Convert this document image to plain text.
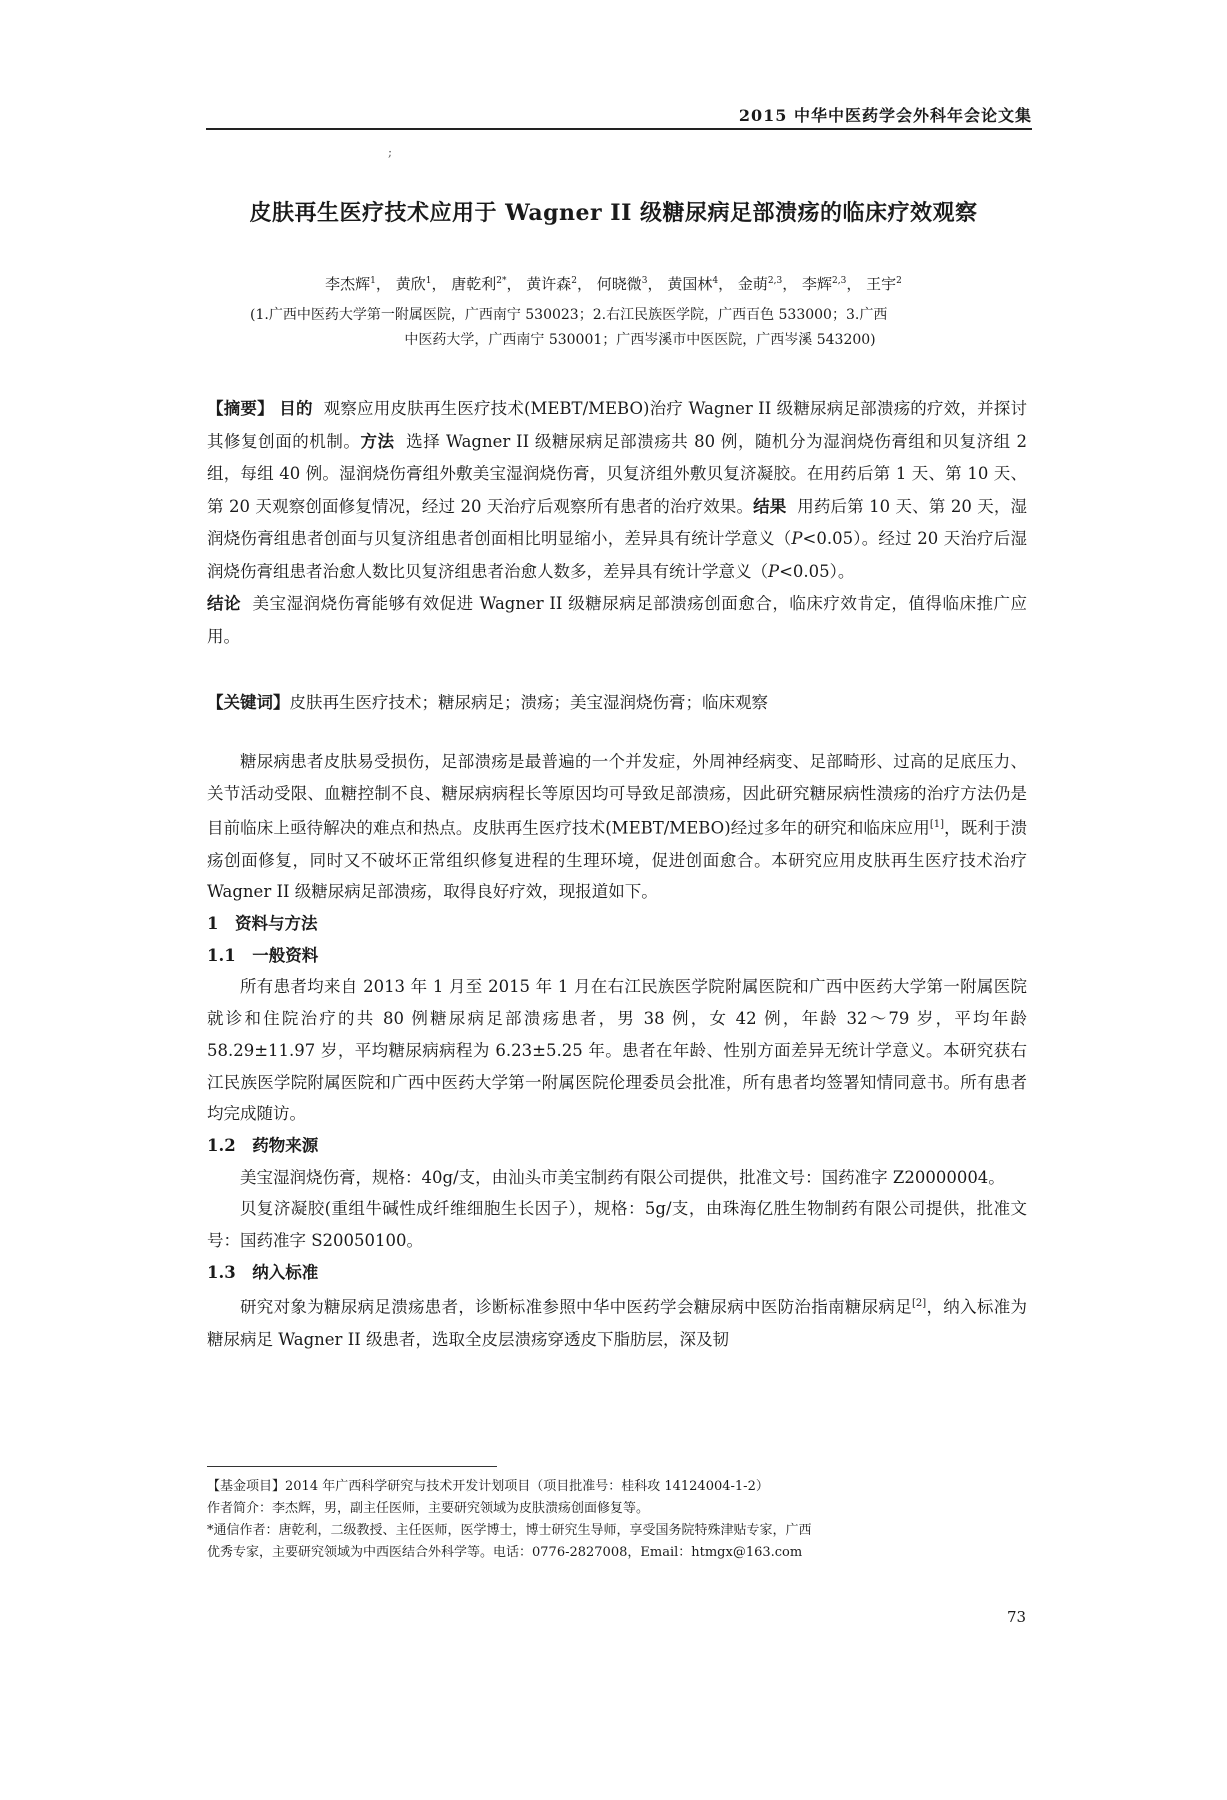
2015 中华中医药学会外科年会论文集
;
皮肤再生医疗技术应用于 Wagner II 级糖尿病足部溃疡的临床疗效观察
李杰辉$^1$， 黄欣$^1$， 唐乾利$^{2*}$， 黄许森$^2$， 何晓微$^3$， 黄国林$^4$， 金萌$^{2,3}$， 李辉$^{2,3}$， 王宇$^2$
(1.广西中医药大学第一附属医院，广西南宁 530023；2.右江民族医学院，广西百色 533000；3.广西
中医药大学，广西南宁 530001；广西岑溪市中医医院，广西岑溪 543200)
【摘要】 目的 观察应用皮肤再生医疗技术(MEBT/MEBO)治疗 Wagner II 级糖尿病足部溃疡的疗效，并探讨其修复创面的机制。方法 选择 Wagner II 级糖尿病足部溃疡共 80 例，随机分为湿润烧伤膏组和贝复济组 2 组，每组 40 例。湿润烧伤膏组外敷美宝湿润烧伤膏，贝复济组外敷贝复济凝胶。在用药后第 1 天、第 10 天、第 20 天观察创面修复情况，经过 20 天治疗后观察所有患者的治疗效果。结果 用药后第 10 天、第 20 天，湿润烧伤膏组患者创面与贝复济组患者创面相比明显缩小，差异具有统计学意义（P<0.05）。经过 20 天治疗后湿润烧伤膏组患者治愈人数比贝复济组患者治愈人数多，差异具有统计学意义（P<0.05）。
结论 美宝湿润烧伤膏能够有效促进 Wagner II 级糖尿病足部溃疡创面愈合，临床疗效肯定，值得临床推广应用。
【关键词】皮肤再生医疗技术；糖尿病足；溃疡；美宝湿润烧伤膏；临床观察

糖尿病患者皮肤易受损伤，足部溃疡是最普遍的一个并发症，外周神经病变、足部畸形、过高的足底压力、关节活动受限、血糖控制不良、糖尿病病程长等原因均可导致足部溃疡，因此研究糖尿病性溃疡的治疗方法仍是目前临床上亟待解决的难点和热点。皮肤再生医疗技术(MEBT/MEBO)经过多年的研究和临床应用[1]，既利于溃疡创面修复，同时又不破坏正常组织修复进程的生理环境，促进创面愈合。本研究应用皮肤再生医疗技术治疗 Wagner II 级糖尿病足部溃疡，取得良好疗效，现报道如下。

1　资料与方法
1.1　一般资料

所有患者均来自 2013 年 1 月至 2015 年 1 月在右江民族医学院附属医院和广西中医药大学第一附属医院就诊和住院治疗的共 80 例糖尿病足部溃疡患者，男 38 例，女 42 例，年龄 32～79 岁，平均年龄 58.29±11.97 岁，平均糖尿病病程为 6.23±5.25 年。患者在年龄、性别方面差异无统计学意义。本研究获右江民族医学院附属医院和广西中医药大学第一附属医院伦理委员会批准，所有患者均签署知情同意书。所有患者均完成随访。

1.2　药物来源

美宝湿润烧伤膏，规格：40g/支，由汕头市美宝制药有限公司提供，批准文号：国药准字 Z20000004。

贝复济凝胶(重组牛碱性成纤维细胞生长因子），规格：5g/支，由珠海亿胜生物制药有限公司提供，批准文号：国药准字 S20050100。

1.3　纳入标准

研究对象为糖尿病足溃疡患者，诊断标准参照中华中医药学会糖尿病中医防治指南糖尿病足[2]，纳入标准为糖尿病足 Wagner II 级患者，选取全皮层溃疡穿透皮下脂肪层，深及韧

【基金项目】2014 年广西科学研究与技术开发计划项目（项目批准号：桂科攻 14124004-1-2）
作者简介：李杰辉，男，副主任医师，主要研究领域为皮肤溃疡创面修复等。
*通信作者：唐乾利，二级教授、主任医师，医学博士，博士研究生导师，享受国务院特殊津贴专家，广西
优秀专家，主要研究领域为中西医结合外科学等。电话：0776-2827008，Email：htmgx@163.com
73
